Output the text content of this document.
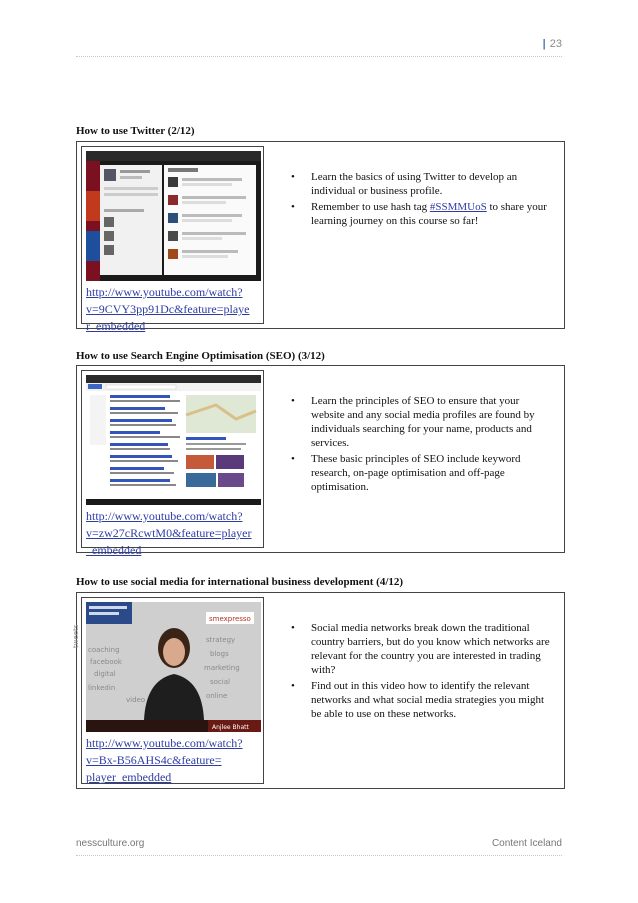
| 23
How to use Twitter (2/12)
http://www.youtube.com/watch?
v=9CVY3pp91Dc&feature=playe
r_embedded
• Learn the basics of using Twitter to develop an individual or business profile.
• Remember to use hash tag #SSMMUoS to share your learning journey on this course so far!
How to use Search Engine Optimisation (SEO) (3/12)
http://www.youtube.com/watch?
v=zw27cRcwtM0&feature=player
_embedded
• Learn the principles of SEO to ensure that your website and any social media profiles are found by individuals searching for your name, products and services.
• These basic principles of SEO include keyword research, on-page optimisation and off-page optimisation.
How to use social media for international business development (4/12)
tweets
coaching
facebook
digital
linkedin
strategy
blogs
marketing
social
online
video
smexpresso
Anjlee Bhatt
http://www.youtube.com/watch?
v=Bx-B56AHS4c&feature=
player_embedded
• Social media networks break down the traditional country barriers, but do you know which networks are relevant for the country you are interested in trading with?
• Find out in this video how to identify the relevant networks and what social media strategies you might be able to use on these networks.
nessculture.org	Content Iceland
